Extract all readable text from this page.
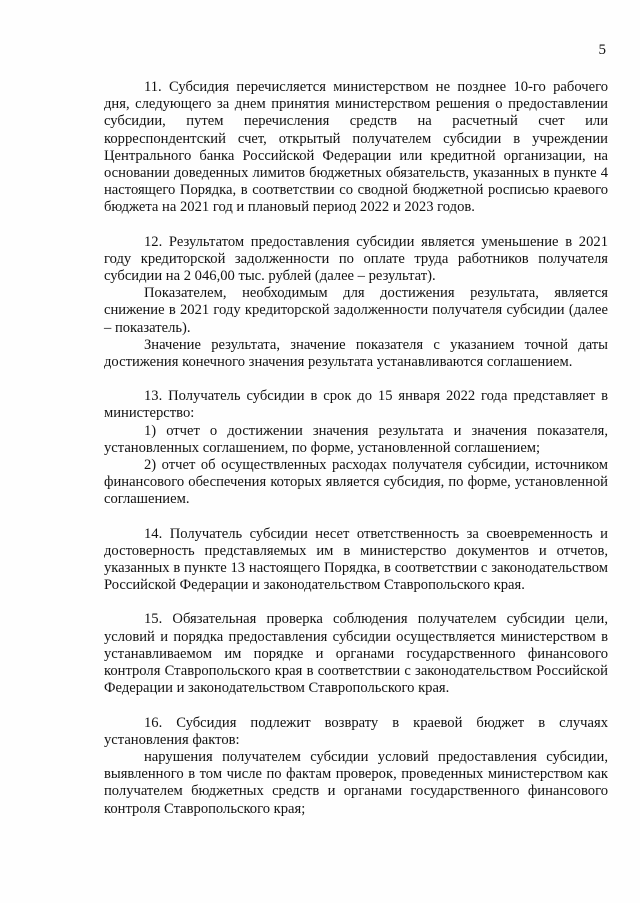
5

11. Субсидия перечисляется министерством не позднее 10-го рабочего дня, следующего за днем принятия министерством решения о предоставлении субсидии, путем перечисления средств на расчетный счет или корреспондентский счет, открытый получателем субсидии в учреждении Центрального банка Российской Федерации или кредитной организации, на основании доведенных лимитов бюджетных обязательств, указанных в пункте 4 настоящего Порядка, в соответствии со сводной бюджетной росписью краевого бюджета на 2021 год и плановый период 2022 и 2023 годов.

12. Результатом предоставления субсидии является уменьшение в 2021 году кредиторской задолженности по оплате труда работников получателя субсидии на 2 046,00 тыс. рублей (далее – результат).

Показателем, необходимым для достижения результата, является снижение в 2021 году кредиторской задолженности получателя субсидии (далее – показатель).

Значение результата, значение показателя с указанием точной даты достижения конечного значения результата устанавливаются соглашением.

13. Получатель субсидии в срок до 15 января 2022 года представляет в министерство:

1) отчет о достижении значения результата и значения показателя, установленных соглашением, по форме, установленной соглашением;

2) отчет об осуществленных расходах получателя субсидии, источником финансового обеспечения которых является субсидия, по форме, установленной соглашением.

14. Получатель субсидии несет ответственность за своевременность и достоверность представляемых им в министерство документов и отчетов, указанных в пункте 13 настоящего Порядка, в соответствии с законодательством Российской Федерации и законодательством Ставропольского края.

15. Обязательная проверка соблюдения получателем субсидии цели, условий и порядка предоставления субсидии осуществляется министерством в устанавливаемом им порядке и органами государственного финансового контроля Ставропольского края в соответствии с законодательством Российской Федерации и законодательством Ставропольского края.

16. Субсидия подлежит возврату в краевой бюджет в случаях установления фактов:

нарушения получателем субсидии условий предоставления субсидии, выявленного в том числе по фактам проверок, проведенных министерством как получателем бюджетных средств и органами государственного финансового контроля Ставропольского края;
